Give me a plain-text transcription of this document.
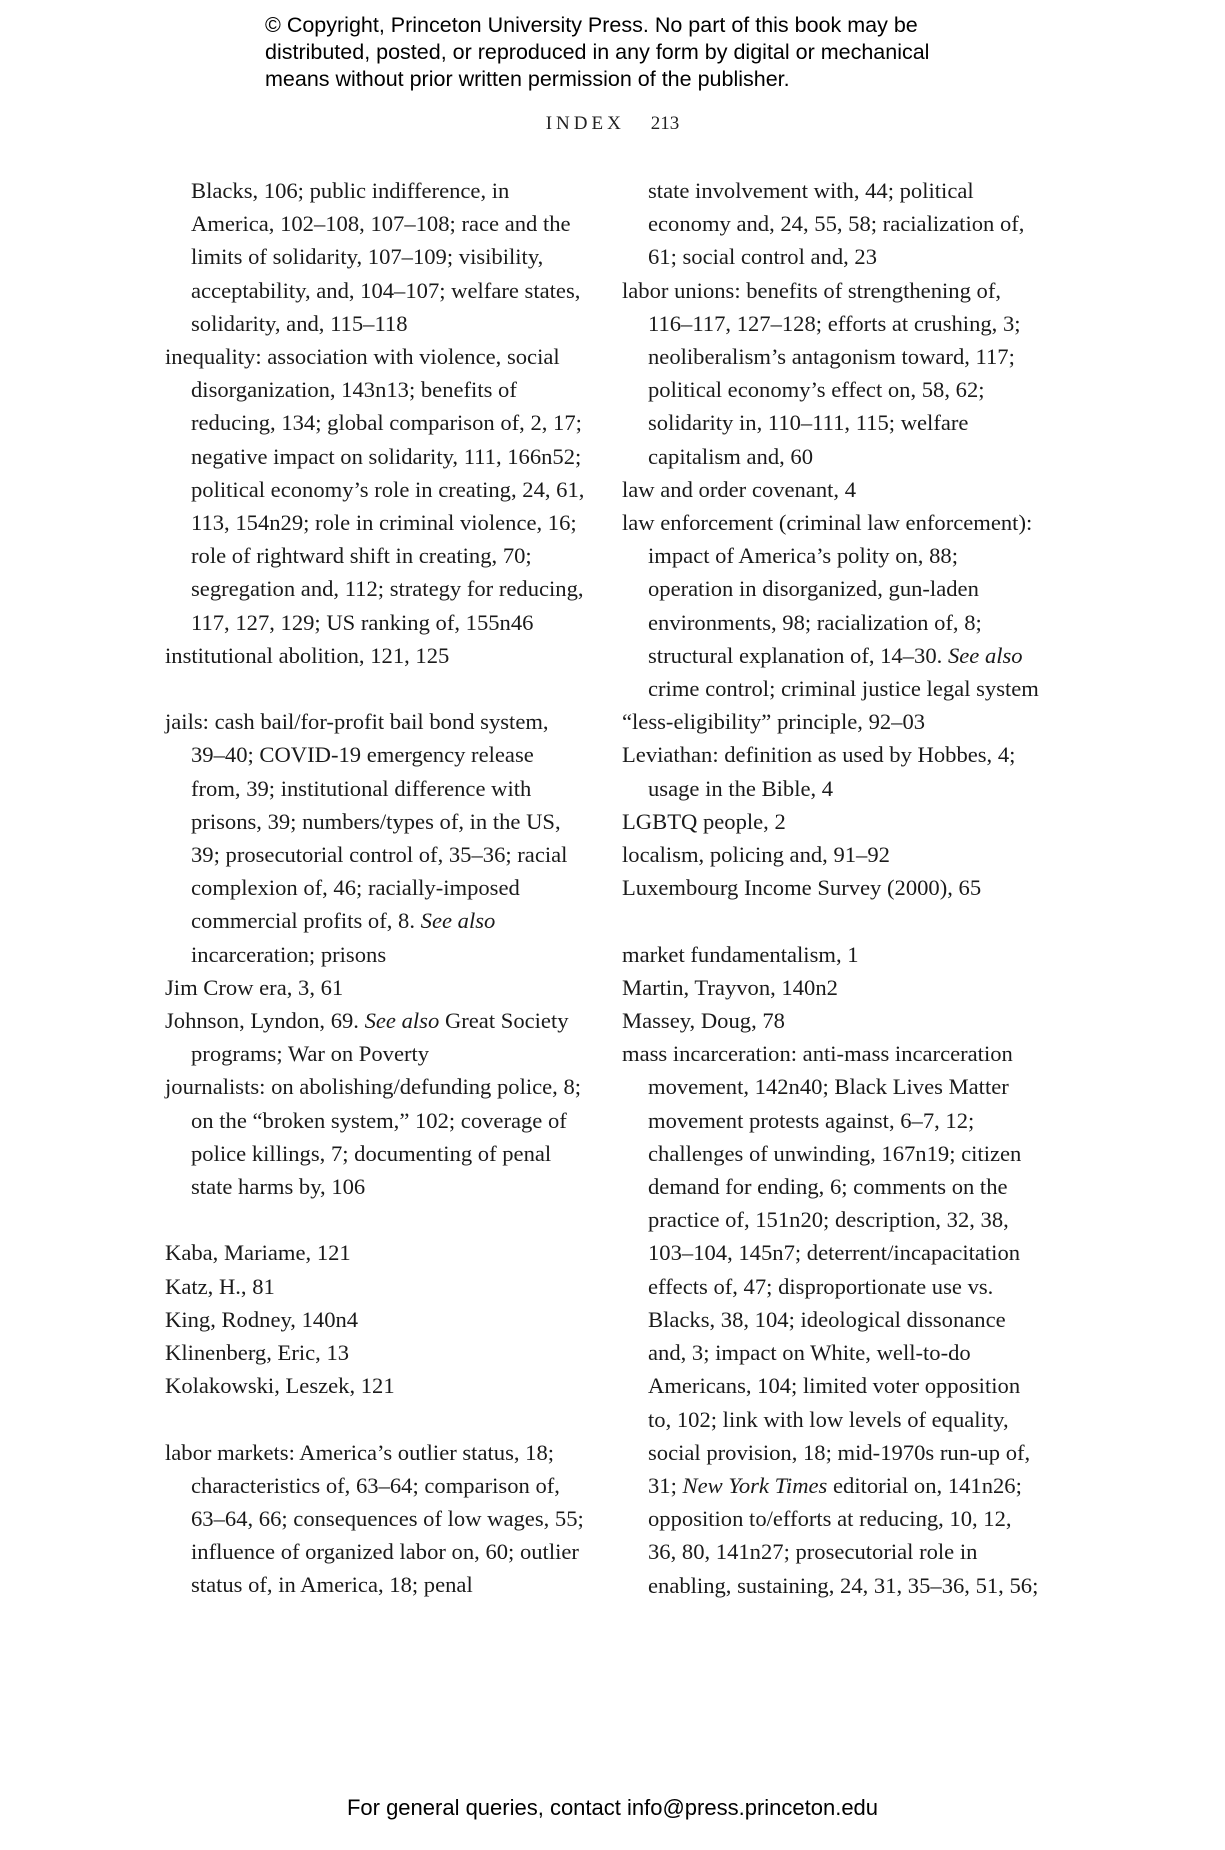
© Copyright, Princeton University Press. No part of this book may be
distributed, posted, or reproduced in any form by digital or mechanical
means without prior written permission of the publisher.
INDEX 213

Blacks, 106; public indifference, in America, 102–108, 107–108; race and the limits of solidarity, 107–109; visibility, acceptability, and, 104–107; welfare states, solidarity, and, 115–118

inequality: association with violence, social disorganization, 143n13; benefits of reducing, 134; global comparison of, 2, 17; negative impact on solidarity, 111, 166n52; political economy’s role in creating, 24, 61, 113, 154n29; role in criminal violence, 16; role of rightward shift in creating, 70; segregation and, 112; strategy for reducing, 117, 127, 129; US ranking of, 155n46

institutional abolition, 121, 125

jails: cash bail/for-profit bail bond system, 39–40; COVID-19 emergency release from, 39; institutional difference with prisons, 39; numbers/types of, in the US, 39; prosecutorial control of, 35–36; racial complexion of, 46; racially-imposed commercial profits of, 8. See also incarceration; prisons

Jim Crow era, 3, 61

Johnson, Lyndon, 69. See also Great Society programs; War on Poverty

journalists: on abolishing/defunding police, 8; on the “broken system,” 102; coverage of police killings, 7; documenting of penal state harms by, 106

Kaba, Mariame, 121

Katz, H., 81

King, Rodney, 140n4

Klinenberg, Eric, 13

Kolakowski, Leszek, 121

labor markets: America’s outlier status, 18; characteristics of, 63–64; comparison of, 63–64, 66; consequences of low wages, 55; influence of organized labor on, 60; outlier status of, in America, 18; penal

state involvement with, 44; political economy and, 24, 55, 58; racialization of, 61; social control and, 23

labor unions: benefits of strengthening of, 116–117, 127–128; efforts at crushing, 3; neoliberalism’s antagonism toward, 117; political economy’s effect on, 58, 62; solidarity in, 110–111, 115; welfare capitalism and, 60

law and order covenant, 4

law enforcement (criminal law enforcement): impact of America’s polity on, 88; operation in disorganized, gun-laden environments, 98; racialization of, 8; structural explanation of, 14–30. See also crime control; criminal justice legal system

“less-eligibility” principle, 92–03

Leviathan: definition as used by Hobbes, 4; usage in the Bible, 4

LGBTQ people, 2

localism, policing and, 91–92

Luxembourg Income Survey (2000), 65

market fundamentalism, 1

Martin, Trayvon, 140n2

Massey, Doug, 78

mass incarceration: anti-mass incarceration movement, 142n40; Black Lives Matter movement protests against, 6–7, 12; challenges of unwinding, 167n19; citizen demand for ending, 6; comments on the practice of, 151n20; description, 32, 38, 103–104, 145n7; deterrent/incapacitation effects of, 47; disproportionate use vs. Blacks, 38, 104; ideological dissonance and, 3; impact on White, well-to-do Americans, 104; limited voter opposition to, 102; link with low levels of equality, social provision, 18; mid-1970s run-up of, 31; New York Times editorial on, 141n26; opposition to/efforts at reducing, 10, 12, 36, 80, 141n27; prosecutorial role in enabling, sustaining, 24, 31, 35–36, 51, 56;

For general queries, contact info@press.princeton.edu
